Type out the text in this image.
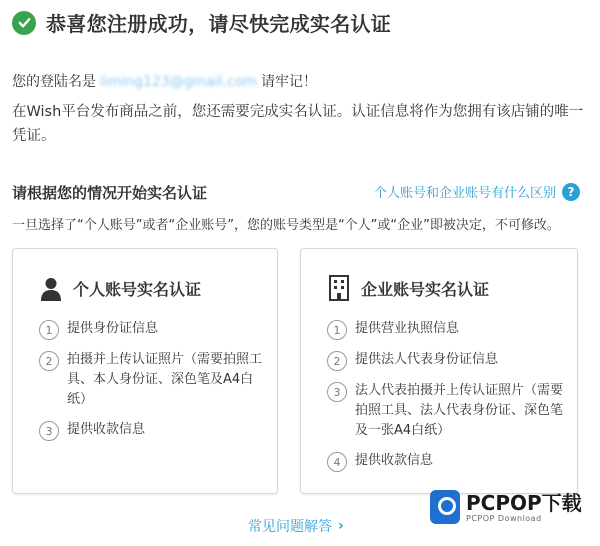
恭喜您注册成功，请尽快完成实名认证
您的登陆名是 liming123@gmail.com 请牢记！
在Wish平台发布商品之前，您还需要完成实名认证。认证信息将作为您拥有该店铺的唯一凭证。
请根据您的情况开始实名认证	个人账号和企业账号有什么区别 ?
一旦选择了“个人账号”或者“企业账号”，您的账号类型是“个人”或“企业”即被决定，不可修改。
个人账号实名认证
1	提供身份证信息
2	拍摄并上传认证照片（需要拍照工具、本人身份证、深色笔及A4白纸）
3	提供收款信息
企业账号实名认证
1	提供营业执照信息
2	提供法人代表身份证信息
3	法人代表拍摄并上传认证照片（需要拍照工具、法人代表身份证、深色笔及一张A4白纸）
4	提供收款信息
常见问题解答 ›
PCPOP下载
PCPOP Download
